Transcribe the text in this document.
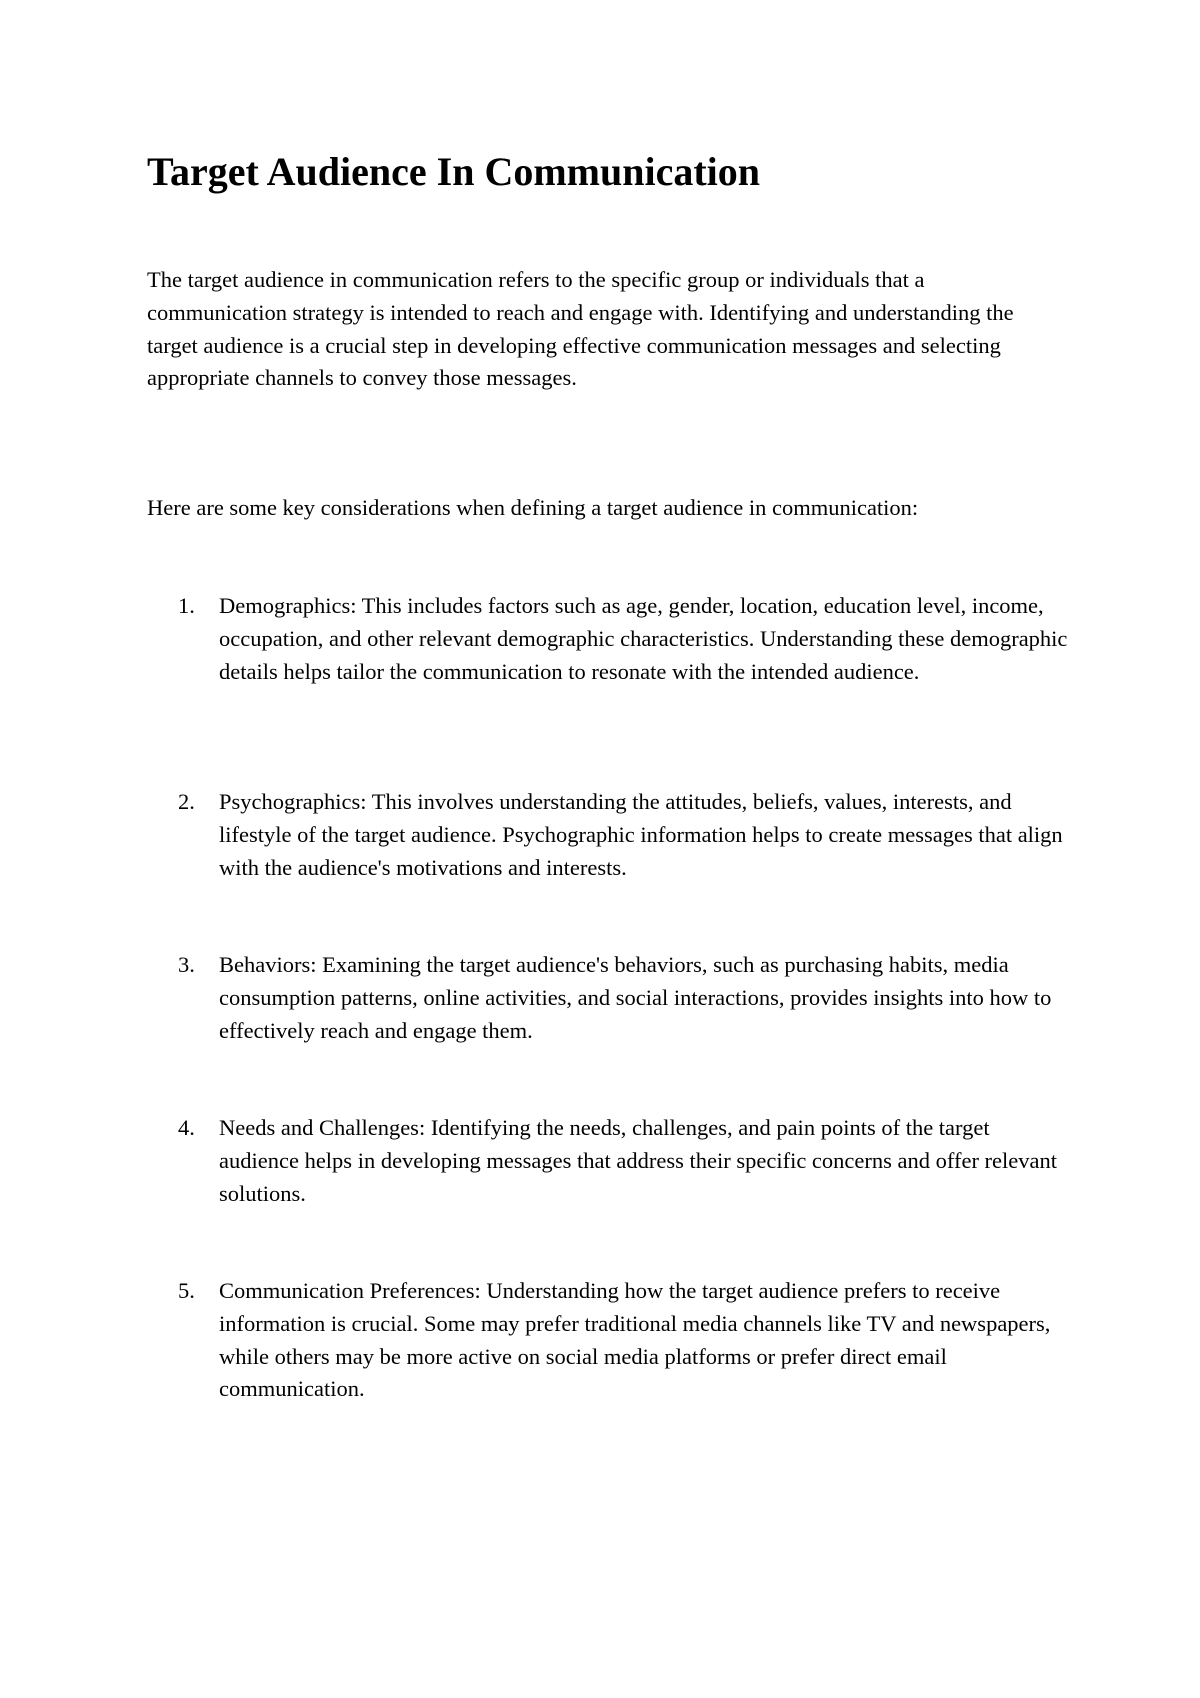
Target Audience In Communication

The target audience in communication refers to the specific group or individuals that a communication strategy is intended to reach and engage with. Identifying and understanding the target audience is a crucial step in developing effective communication messages and selecting appropriate channels to convey those messages.

Here are some key considerations when defining a target audience in communication:

1.	Demographics: This includes factors such as age, gender, location, education level, income, occupation, and other relevant demographic characteristics. Understanding these demographic details helps tailor the communication to resonate with the intended audience.
2.	Psychographics: This involves understanding the attitudes, beliefs, values, interests, and lifestyle of the target audience. Psychographic information helps to create messages that align with the audience's motivations and interests.
3.	Behaviors: Examining the target audience's behaviors, such as purchasing habits, media consumption patterns, online activities, and social interactions, provides insights into how to effectively reach and engage them.
4.	Needs and Challenges: Identifying the needs, challenges, and pain points of the target audience helps in developing messages that address their specific concerns and offer relevant solutions.
5.	Communication Preferences: Understanding how the target audience prefers to receive information is crucial. Some may prefer traditional media channels like TV and newspapers, while others may be more active on social media platforms or prefer direct email communication.
